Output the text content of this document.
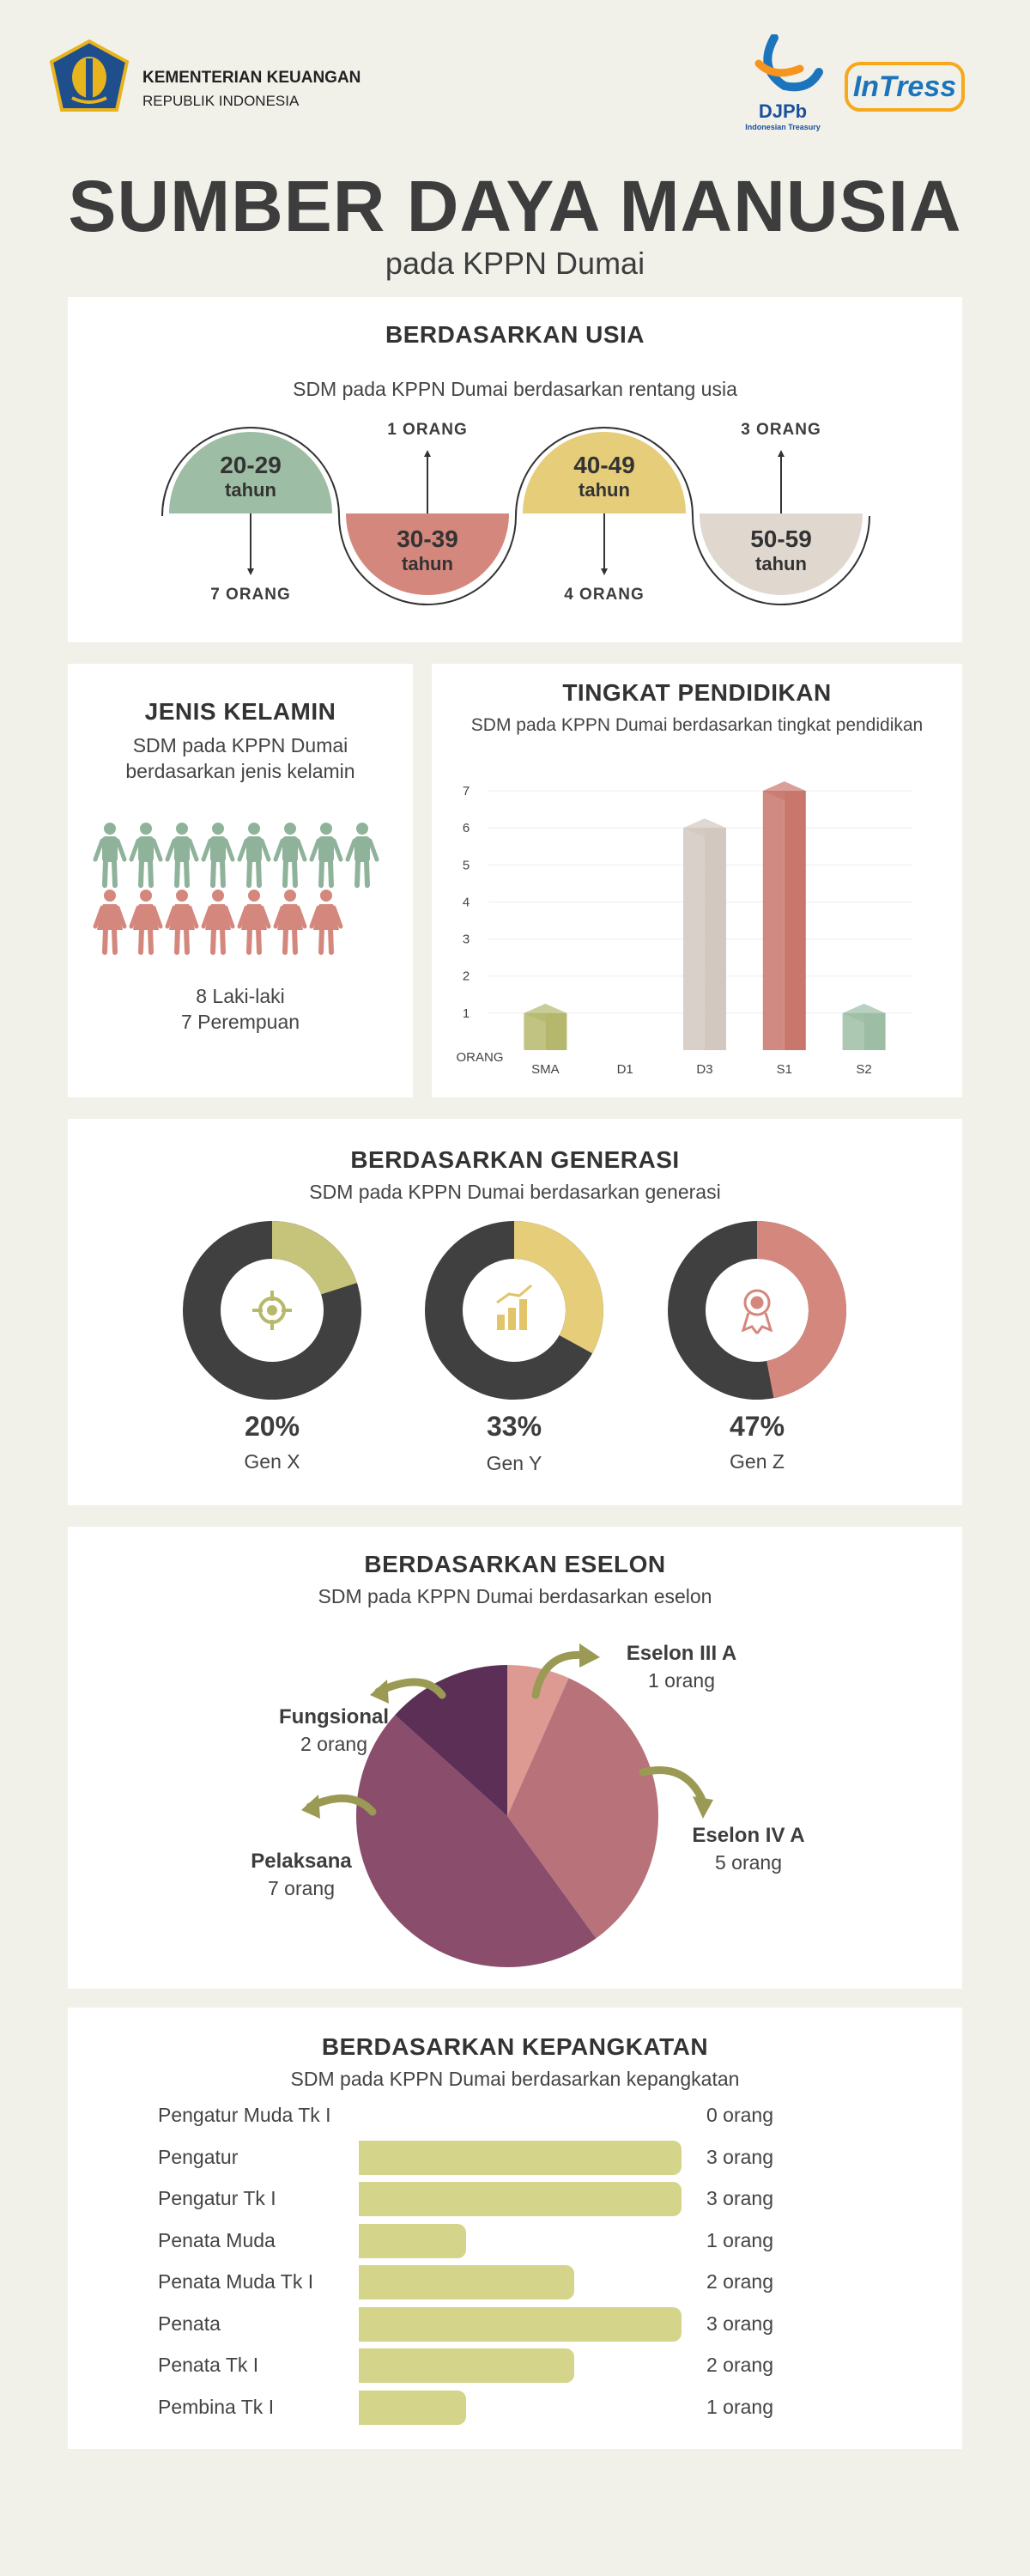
KEMENTERIAN KEUANGAN
REPUBLIK INDONESIA	DJPb
Indonesian Treasury
InTress
SUMBER DAYA MANUSIA
pada KPPN Dumai
BERDASARKAN USIA
SDM pada KPPN Dumai berdasarkan rentang usia
20-29
tahun
7 ORANG
30-39
tahun
1 ORANG
40-49
tahun
4 ORANG
50-59
tahun
3 ORANG
JENIS KELAMIN
SDM pada KPPN Dumai berdasarkan jenis kelamin
8 Laki-laki
7 Perempuan
TINGKAT PENDIDIKAN
SDM pada KPPN Dumai berdasarkan tingkat pendidikan
1
2
3
4
5
6
7
ORANG
SMA	D1	D3	S1	S2
BERDASARKAN GENERASI
SDM pada KPPN Dumai berdasarkan generasi
20%
Gen X
33%
Gen Y
47%
Gen Z
BERDASARKAN ESELON
SDM pada KPPN Dumai berdasarkan eselon
Eselon III A
1 orang
Eselon IV A
5 orang
Pelaksana
7 orang
Fungsional
2 orang
BERDASARKAN KEPANGKATAN
SDM pada KPPN Dumai berdasarkan kepangkatan
Pengatur Muda Tk I	0 orang
Pengatur	3 orang
Pengatur Tk I	3 orang
Penata Muda	1 orang
Penata Muda Tk I	2 orang
Penata	3 orang
Penata Tk I	2 orang
Pembina Tk I	1 orang
